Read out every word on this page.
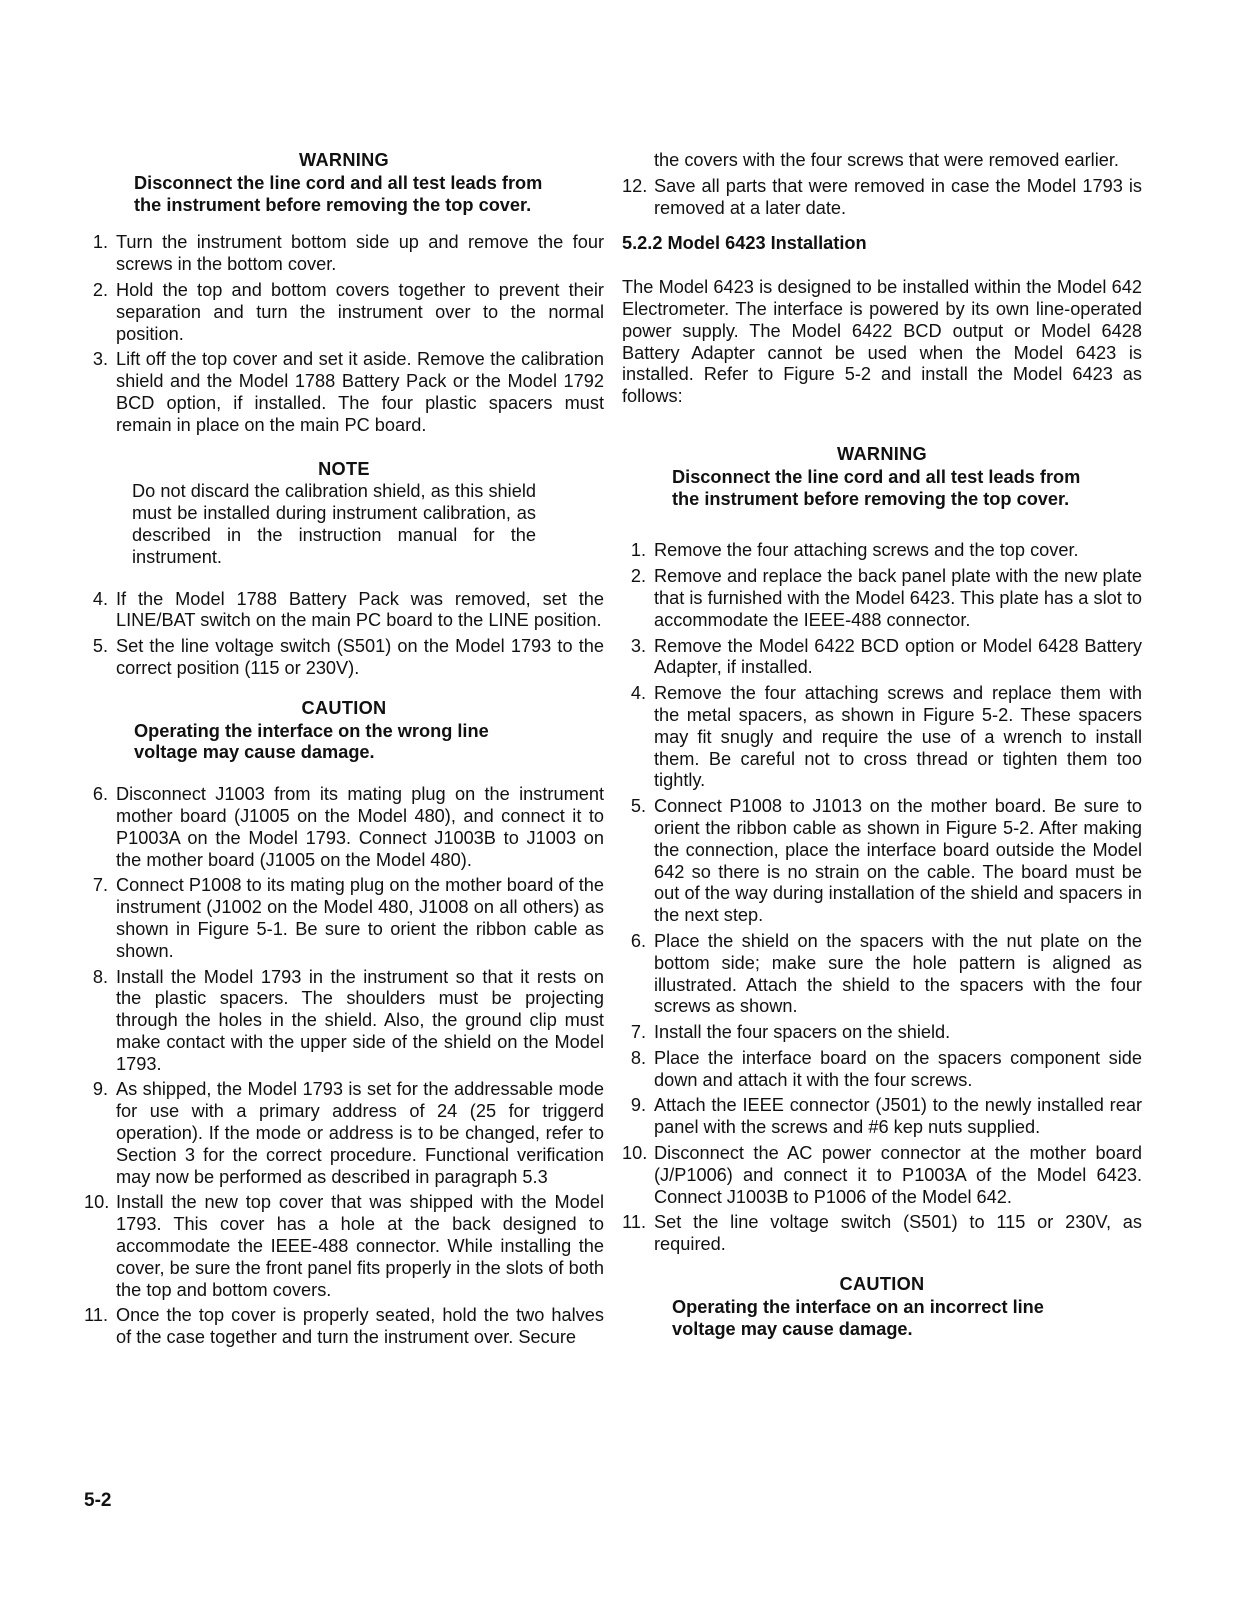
WARNING
Disconnect the line cord and all test leads from the instrument before removing the top cover.
1. Turn the instrument bottom side up and remove the four screws in the bottom cover.
2. Hold the top and bottom covers together to prevent their separation and turn the instrument over to the normal position.
3. Lift off the top cover and set it aside. Remove the calibration shield and the Model 1788 Battery Pack or the Model 1792 BCD option, if installed. The four plastic spacers must remain in place on the main PC board.
NOTE
Do not discard the calibration shield, as this shield must be installed during instrument calibration, as described in the instruction manual for the instrument.
4. If the Model 1788 Battery Pack was removed, set the LINE/BAT switch on the main PC board to the LINE position.
5. Set the line voltage switch (S501) on the Model 1793 to the correct position (115 or 230V).
CAUTION
Operating the interface on the wrong line voltage may cause damage.
6. Disconnect J1003 from its mating plug on the instrument mother board (J1005 on the Model 480), and connect it to P1003A on the Model 1793. Connect J1003B to J1003 on the mother board (J1005 on the Model 480).
7. Connect P1008 to its mating plug on the mother board of the instrument (J1002 on the Model 480, J1008 on all others) as shown in Figure 5-1. Be sure to orient the ribbon cable as shown.
8. Install the Model 1793 in the instrument so that it rests on the plastic spacers. The shoulders must be projecting through the holes in the shield. Also, the ground clip must make contact with the upper side of the shield on the Model 1793.
9. As shipped, the Model 1793 is set for the addressable mode for use with a primary address of 24 (25 for triggerd operation). If the mode or address is to be changed, refer to Section 3 for the correct procedure. Functional verification may now be performed as described in paragraph 5.3
10. Install the new top cover that was shipped with the Model 1793. This cover has a hole at the back designed to accommodate the IEEE-488 connector. While installing the cover, be sure the front panel fits properly in the slots of both the top and bottom covers.
11. Once the top cover is properly seated, hold the two halves of the case together and turn the instrument over. Secure
the covers with the four screws that were removed earlier.
12. Save all parts that were removed in case the Model 1793 is removed at a later date.
5.2.2 Model 6423 Installation
The Model 6423 is designed to be installed within the Model 642 Electrometer. The interface is powered by its own line-operated power supply. The Model 6422 BCD output or Model 6428 Battery Adapter cannot be used when the Model 6423 is installed. Refer to Figure 5-2 and install the Model 6423 as follows:
WARNING
Disconnect the line cord and all test leads from the instrument before removing the top cover.
1. Remove the four attaching screws and the top cover.
2. Remove and replace the back panel plate with the new plate that is furnished with the Model 6423. This plate has a slot to accommodate the IEEE-488 connector.
3. Remove the Model 6422 BCD option or Model 6428 Battery Adapter, if installed.
4. Remove the four attaching screws and replace them with the metal spacers, as shown in Figure 5-2. These spacers may fit snugly and require the use of a wrench to install them. Be careful not to cross thread or tighten them too tightly.
5. Connect P1008 to J1013 on the mother board. Be sure to orient the ribbon cable as shown in Figure 5-2. After making the connection, place the interface board outside the Model 642 so there is no strain on the cable. The board must be out of the way during installation of the shield and spacers in the next step.
6. Place the shield on the spacers with the nut plate on the bottom side; make sure the hole pattern is aligned as illustrated. Attach the shield to the spacers with the four screws as shown.
7. Install the four spacers on the shield.
8. Place the interface board on the spacers component side down and attach it with the four screws.
9. Attach the IEEE connector (J501) to the newly installed rear panel with the screws and #6 kep nuts supplied.
10. Disconnect the AC power connector at the mother board (J/P1006) and connect it to P1003A of the Model 6423. Connect J1003B to P1006 of the Model 642.
11. Set the line voltage switch (S501) to 115 or 230V, as required.
CAUTION
Operating the interface on an incorrect line voltage may cause damage.
5-2
